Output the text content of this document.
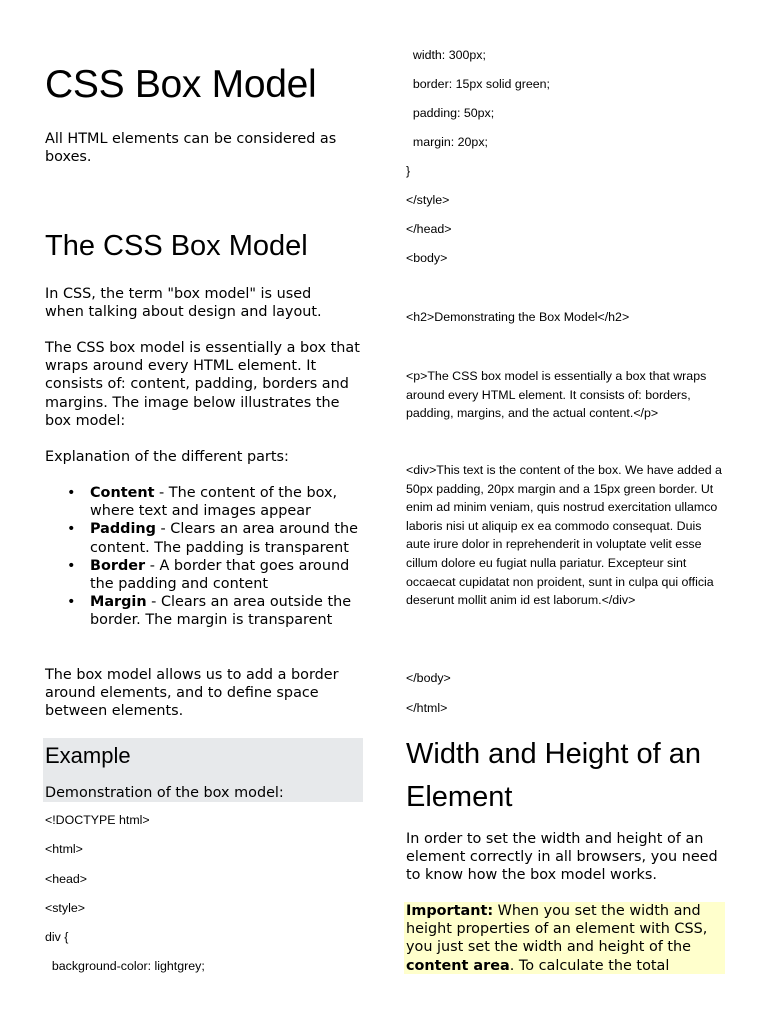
CSS Box Model

All HTML elements can be considered as boxes.

The CSS Box Model

In CSS, the term "box model" is used when talking about design and layout.

The CSS box model is essentially a box that wraps around every HTML element. It consists of: content, padding, borders and margins. The image below illustrates the box model:

Explanation of the different parts:

• Content - The content of the box, where text and images appear
• Padding - Clears an area around the content. The padding is transparent
• Border - A border that goes around the padding and content
• Margin - Clears an area outside the border. The margin is transparent

The box model allows us to add a border around elements, and to define space between elements.

Example

Demonstration of the box model:

<!DOCTYPE html>
<html>
<head>
<style>
div {
background-color: lightgrey;
width: 300px;
border: 15px solid green;
padding: 50px;
margin: 20px;
}
</style>
</head>
<body>
<h2>Demonstrating the Box Model</h2>
<p>The CSS box model is essentially a box that wraps around every HTML element. It consists of: borders, padding, margins, and the actual content.</p>
<div>This text is the content of the box. We have added a 50px padding, 20px margin and a 15px green border. Ut enim ad minim veniam, quis nostrud exercitation ullamco laboris nisi ut aliquip ex ea commodo consequat. Duis aute irure dolor in reprehenderit in voluptate velit esse cillum dolore eu fugiat nulla pariatur. Excepteur sint occaecat cupidatat non proident, sunt in culpa qui officia deserunt mollit anim id est laborum.</div>
</body>
</html>
Width and Height of an Element

In order to set the width and height of an element correctly in all browsers, you need to know how the box model works.

Important: When you set the width and height properties of an element with CSS, you just set the width and height of the content area. To calculate the total
